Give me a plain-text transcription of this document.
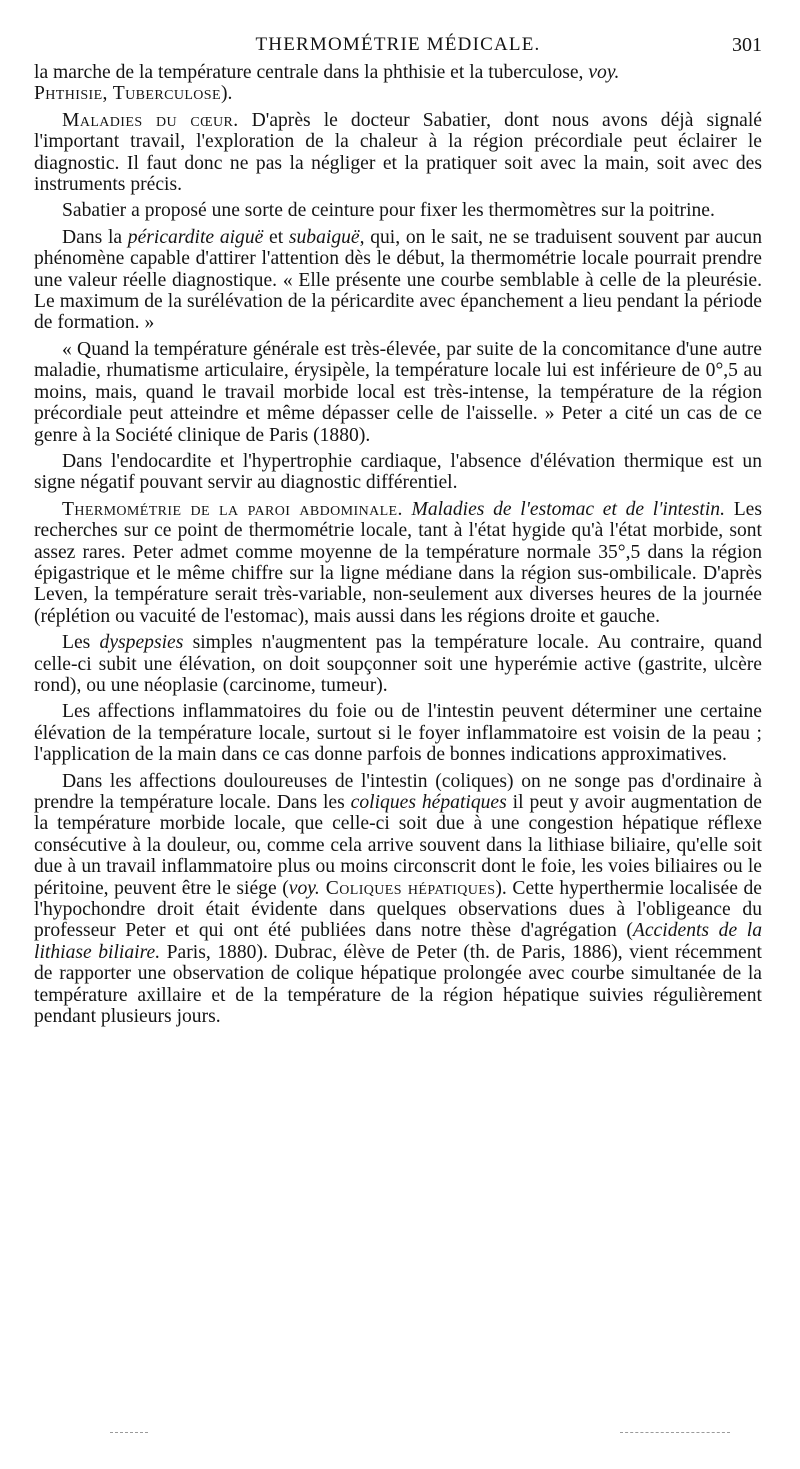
THERMOMÉTRIE MÉDICALE.	301

la marche de la température centrale dans la phthisie et la tuberculose, voy.
Phthisie, Tuberculose).

Maladies du cœur. D'après le docteur Sabatier, dont nous avons déjà signalé l'important travail, l'exploration de la chaleur à la région précordiale peut éclairer le diagnostic. Il faut donc ne pas la négliger et la pratiquer soit avec la main, soit avec des instruments précis.

Sabatier a proposé une sorte de ceinture pour fixer les thermomètres sur la poitrine.

Dans la péricardite aiguë et subaiguë, qui, on le sait, ne se traduisent souvent par aucun phénomène capable d'attirer l'attention dès le début, la thermométrie locale pourrait prendre une valeur réelle diagnostique. « Elle présente une courbe semblable à celle de la pleurésie. Le maximum de la surélévation de la péricardite avec épanchement a lieu pendant la période de formation. »

« Quand la température générale est très-élevée, par suite de la concomitance d'une autre maladie, rhumatisme articulaire, érysipèle, la température locale lui est inférieure de 0°,5 au moins, mais, quand le travail morbide local est très-intense, la température de la région précordiale peut atteindre et même dépasser celle de l'aisselle. » Peter a cité un cas de ce genre à la Société clinique de Paris (1880).

Dans l'endocardite et l'hypertrophie cardiaque, l'absence d'élévation thermique est un signe négatif pouvant servir au diagnostic différentiel.

Thermométrie de la paroi abdominale. Maladies de l'estomac et de l'intestin. Les recherches sur ce point de thermométrie locale, tant à l'état hygide qu'à l'état morbide, sont assez rares. Peter admet comme moyenne de la température normale 35°,5 dans la région épigastrique et le même chiffre sur la ligne médiane dans la région sus-ombilicale. D'après Leven, la température serait très-variable, non-seulement aux diverses heures de la journée (réplétion ou vacuité de l'estomac), mais aussi dans les régions droite et gauche.

Les dyspepsies simples n'augmentent pas la température locale. Au contraire, quand celle-ci subit une élévation, on doit soupçonner soit une hyperémie active (gastrite, ulcère rond), ou une néoplasie (carcinome, tumeur).

Les affections inflammatoires du foie ou de l'intestin peuvent déterminer une certaine élévation de la température locale, surtout si le foyer inflammatoire est voisin de la peau ; l'application de la main dans ce cas donne parfois de bonnes indications approximatives.

Dans les affections douloureuses de l'intestin (coliques) on ne songe pas d'ordinaire à prendre la température locale. Dans les coliques hépatiques il peut y avoir augmentation de la température morbide locale, que celle-ci soit due à une congestion hépatique réflexe consécutive à la douleur, ou, comme cela arrive souvent dans la lithiase biliaire, qu'elle soit due à un travail inflammatoire plus ou moins circonscrit dont le foie, les voies biliaires ou le péritoine, peuvent être le siége (voy. Coliques hépatiques). Cette hyperthermie localisée de l'hypochondre droit était évidente dans quelques observations dues à l'obligeance du professeur Peter et qui ont été publiées dans notre thèse d'agrégation (Accidents de la lithiase biliaire. Paris, 1880). Dubrac, élève de Peter (th. de Paris, 1886), vient récemment de rapporter une observation de colique hépatique prolongée avec courbe simultanée de la température axillaire et de la température de la région hépatique suivies régulièrement pendant plusieurs jours.
